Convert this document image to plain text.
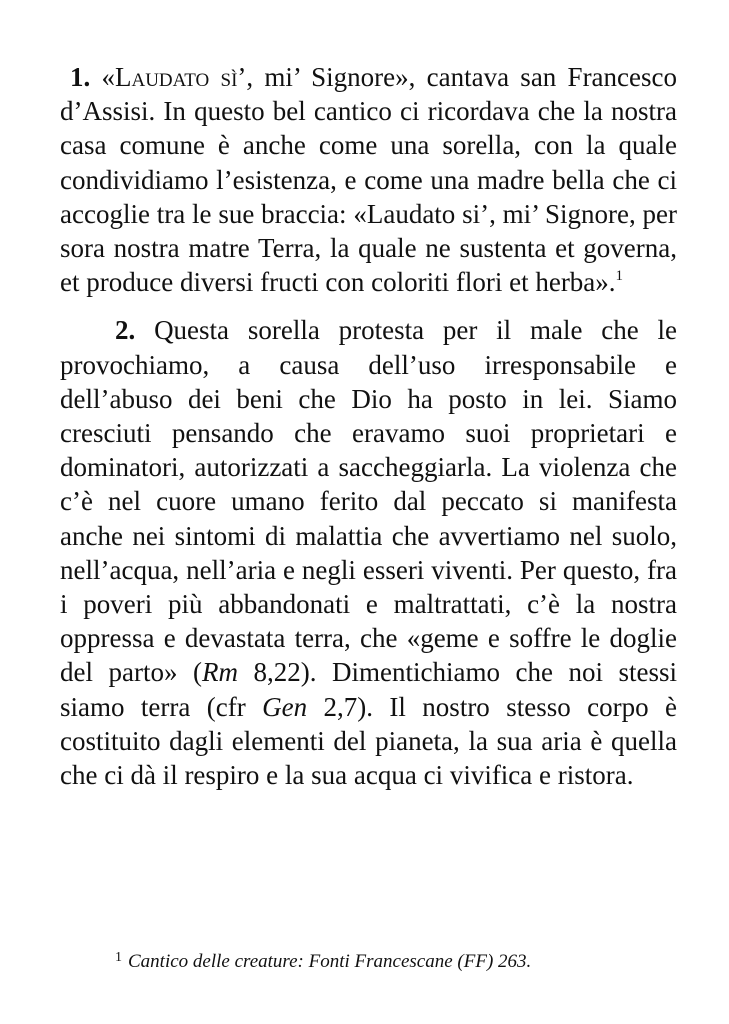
1. «Laudato sì’, mi’ Signore», cantava san Francesco d’Assisi. In questo bel cantico ci ricordava che la nostra casa comune è anche come una sorella, con la quale condividiamo l’esistenza, e come una madre bella che ci accoglie tra le sue braccia: «Laudato si’, mi’ Signore, per sora nostra matre Terra, la quale ne sustenta et governa, et produce diversi fructi con coloriti flori et herba».$^1$

2. Questa sorella protesta per il male che le provochiamo, a causa dell’uso irresponsabile e dell’abuso dei beni che Dio ha posto in lei. Siamo cresciuti pensando che eravamo suoi proprietari e dominatori, autorizzati a saccheggiarla. La violenza che c’è nel cuore umano ferito dal peccato si manifesta anche nei sintomi di malattia che avvertiamo nel suolo, nell’acqua, nell’aria e negli esseri viventi. Per questo, fra i poveri più abbandonati e maltrattati, c’è la nostra oppressa e devastata terra, che «geme e soffre le doglie del parto» (Rm 8,22). Dimentichiamo che noi stessi siamo terra (cfr Gen 2,7). Il nostro stesso corpo è costituito dagli elementi del pianeta, la sua aria è quella che ci dà il respiro e la sua acqua ci vivifica e ristora.

$^1$ Cantico delle creature: Fonti Francescane (FF) 263.
